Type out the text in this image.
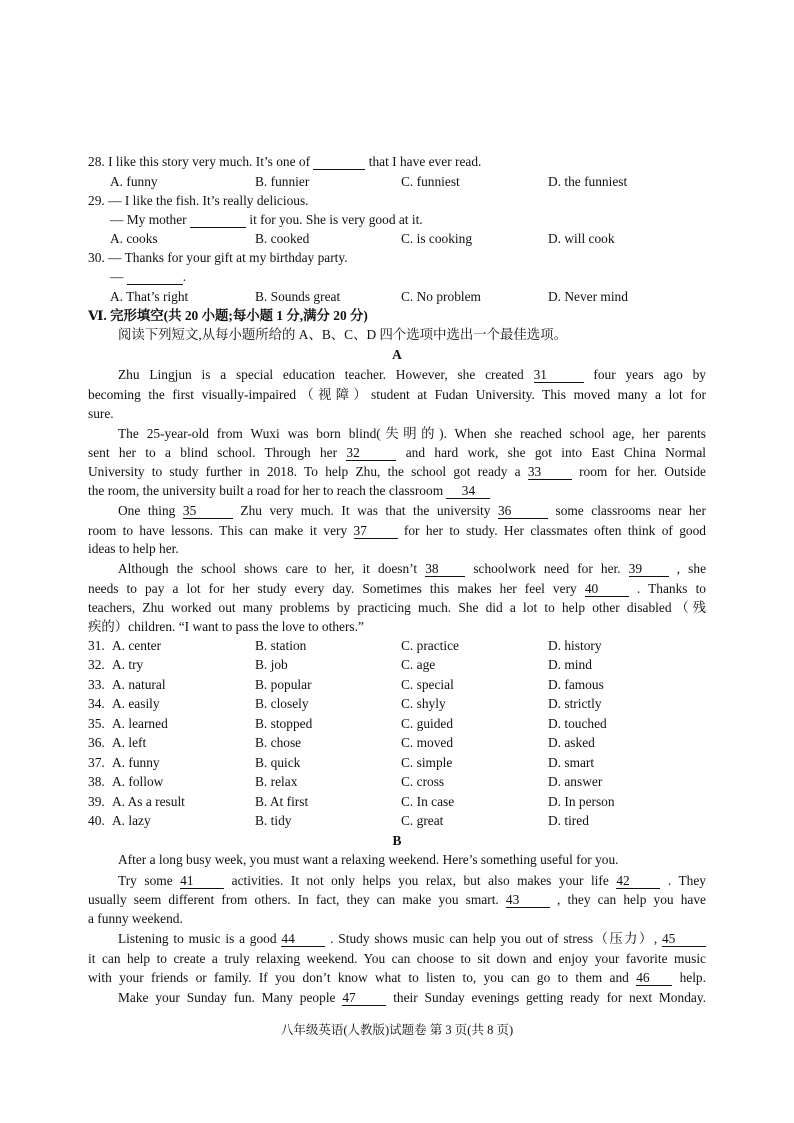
28. I like this story very much. It’s one of	that I have ever read.
A. funny	B. funnier	C. funniest	D. the funniest
29. — I like the fish. It’s really delicious.
— My mother	it for you. She is very good at it.
A. cooks	B. cooked	C. is cooking	D. will cook
30. — Thanks for your gift at my birthday party.
—	.
A. That’s right	B. Sounds great	C. No problem	D. Never mind
Ⅵ. 完形填空(共 20 小题;每小题 1 分,满分 20 分)
阅读下列短文,从每小题所给的 A、B、C、D 四个选项中选出一个最佳选项。
A
Zhu Lingjun is a special education teacher. However, she created 31	four years ago by
becoming the first visually-impaired（视障）student at Fudan University. This moved many a lot for
sure.
The 25-year-old from Wuxi was born blind(失明的). When she reached school age, her parents
sent her to a blind school. Through her 32	and hard work, she got into East China Normal
University to study further in 2018. To help Zhu, the school got ready a 33	room for her. Outside
the room, the university built a road for her to reach the classroom 34
One thing 35	Zhu very much. It was that the university 36	some classrooms near her
room to have lessons. This can make it very 37	for her to study. Her classmates often think of good
ideas to help her.
Although the school shows care to her, it doesn’t 38	schoolwork need for her. 39	, she
needs to pay a lot for her study every day. Sometimes this makes her feel very 40	. Thanks to
teachers, Zhu worked out many problems by practicing much. She did a lot to help other disabled（残
疾的）children. “I want to pass the love to others.”
31. A. center	B. station	C. practice	D. history
32. A. try	B. job	C. age	D. mind
33. A. natural	B. popular	C. special	D. famous
34. A. easily	B. closely	C. shyly	D. strictly
35. A. learned	B. stopped	C. guided	D. touched
36. A. left	B. chose	C. moved	D. asked
37. A. funny	B. quick	C. simple	D. smart
38. A. follow	B. relax	C. cross	D. answer
39. A. As a result	B. At first	C. In case	D. In person
40. A. lazy	B. tidy	C. great	D. tired
B
After a long busy week, you must want a relaxing weekend. Here’s something useful for you.
Try some 41	activities. It not only helps you relax, but also makes your life 42	. They
usually seem different from others. In fact, they can make you smart. 43	, they can help you have
a funny weekend.
Listening to music is a good 44	. Study shows music can help you out of stress（压力）, 45
it can help to create a truly relaxing weekend. You can choose to sit down and enjoy your favorite music
with your friends or family. If you don’t know what to listen to, you can go to them and 46 help.
Make your Sunday fun. Many people 47	their Sunday evenings getting ready for next Monday.
八年级英语(人教版)试题卷 第 3 页(共 8 页)
